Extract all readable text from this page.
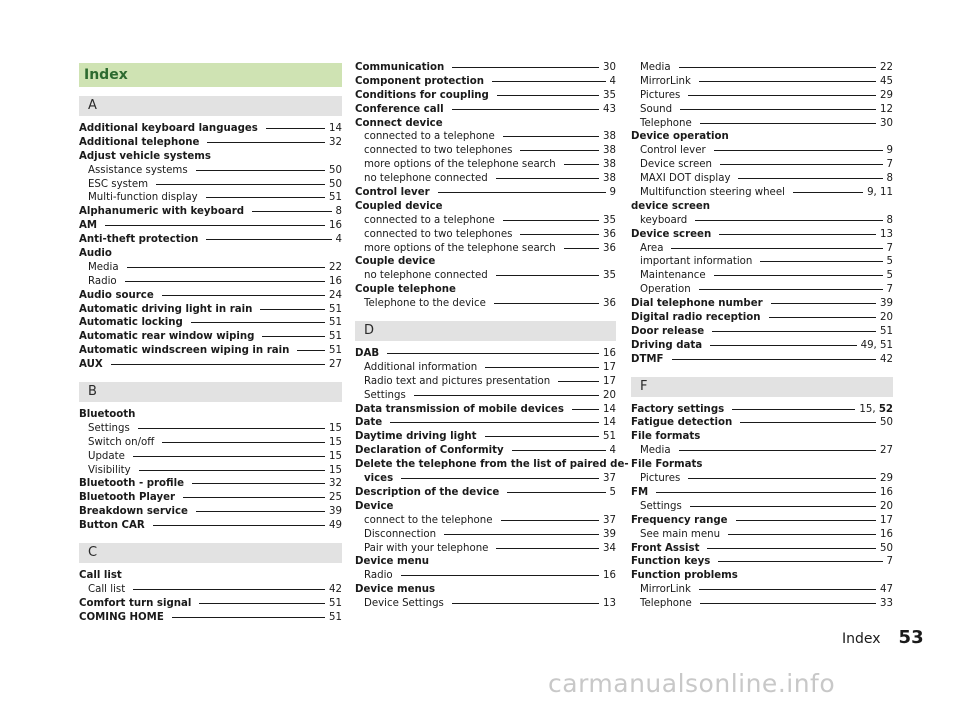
Index
A
Additional keyboard languages	14
Additional telephone	32
Adjust vehicle systems
Assistance systems	50
ESC system	50
Multi-function display	51
Alphanumeric with keyboard	8
AM	16
Anti-theft protection	4
Audio
Media	22
Radio	16
Audio source	24
Automatic driving light in rain	51
Automatic locking	51
Automatic rear window wiping	51
Automatic windscreen wiping in rain	51
AUX	27
B
Bluetooth
Settings	15
Switch on/off	15
Update	15
Visibility	15
Bluetooth - profile	32
Bluetooth Player	25
Breakdown service	39
Button CAR	49
C
Call list
Call list	42
Comfort turn signal	51
COMING HOME	51
Communication	30
Component protection	4
Conditions for coupling	35
Conference call	43
Connect device
connected to a telephone	38
connected to two telephones	38
more options of the telephone search	38
no telephone connected	38
Control lever	9
Coupled device
connected to a telephone	35
connected to two telephones	36
more options of the telephone search	36
Couple device
no telephone connected	35
Couple telephone
Telephone to the device	36
D
DAB	16
Additional information	17
Radio text and pictures presentation	17
Settings	20
Data transmission of mobile devices	14
Date	14
Daytime driving light	51
Declaration of Conformity	4
Delete the telephone from the list of paired de-
vices	37
Description of the device	5
Device
connect to the telephone	37
Disconnection	39
Pair with your telephone	34
Device menu
Radio	16
Device menus
Device Settings	13
Media	22
MirrorLink	45
Pictures	29
Sound	12
Telephone	30
Device operation
Control lever	9
Device screen	7
MAXI DOT display	8
Multifunction steering wheel	9, 11
device screen
keyboard	8
Device screen	13
Area	7
important information	5
Maintenance	5
Operation	7
Dial telephone number	39
Digital radio reception	20
Door release	51
Driving data	49, 51
DTMF	42
F
Factory settings	15, 52
Fatigue detection	50
File formats
Media	27
File Formats
Pictures	29
FM	16
Settings	20
Frequency range	17
See main menu	16
Front Assist	50
Function keys	7
Function problems
MirrorLink	47
Telephone	33
Index 53
carmanualsonline.info
